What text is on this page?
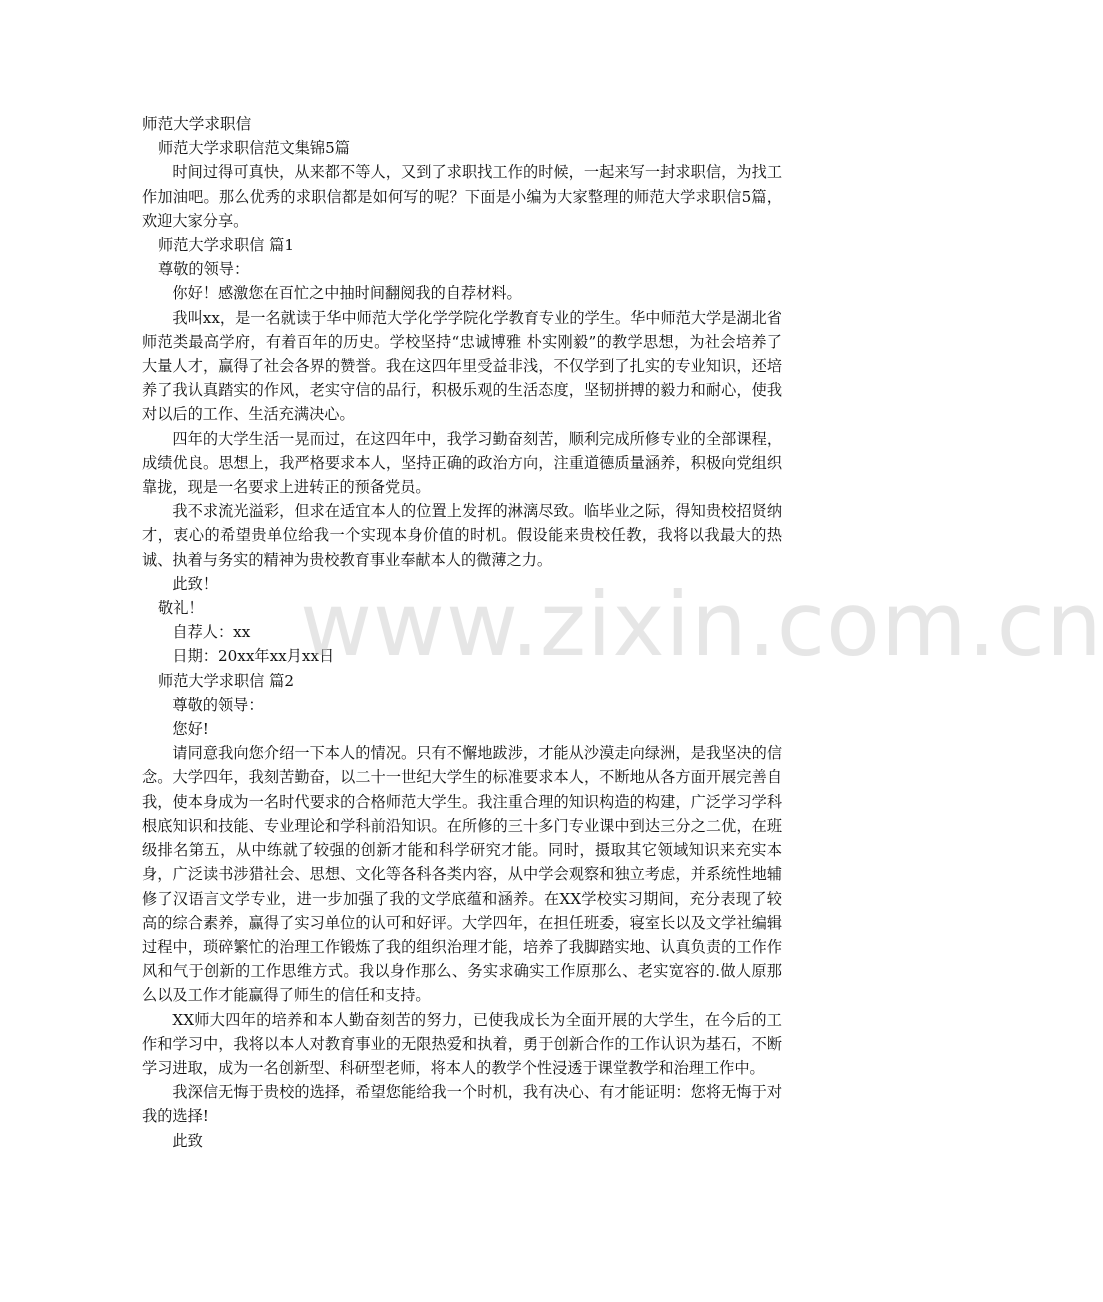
师范大学求职信

师范大学求职信范文集锦5篇

时间过得可真快，从来都不等人，又到了求职找工作的时候，一起来写一封求职信，为找工作加油吧。那么优秀的求职信都是如何写的呢？下面是小编为大家整理的师范大学求职信5篇，欢迎大家分享。

师范大学求职信 篇1

尊敬的领导：

你好！感激您在百忙之中抽时间翻阅我的自荐材料。

我叫xx，是一名就读于华中师范大学化学学院化学教育专业的学生。华中师范大学是湖北省师范类最高学府，有着百年的历史。学校坚持“忠诚博雅 朴实刚毅”的教学思想，为社会培养了大量人才，赢得了社会各界的赞誉。我在这四年里受益非浅，不仅学到了扎实的专业知识，还培养了我认真踏实的作风，老实守信的品行，积极乐观的生活态度，坚韧拼搏的毅力和耐心，使我对以后的工作、生活充满决心。

四年的大学生活一晃而过，在这四年中，我学习勤奋刻苦，顺利完成所修专业的全部课程，成绩优良。思想上，我严格要求本人，坚持正确的政治方向，注重道德质量涵养，积极向党组织靠拢，现是一名要求上进转正的预备党员。

我不求流光溢彩，但求在适宜本人的位置上发挥的淋漓尽致。临毕业之际，得知贵校招贤纳才，衷心的希望贵单位给我一个实现本身价值的时机。假设能来贵校任教，我将以我最大的热诚、执着与务实的精神为贵校教育事业奉献本人的微薄之力。

此致！

敬礼！

自荐人：xx

日期：20xx年xx月xx日

师范大学求职信 篇2

尊敬的领导：

您好!

请同意我向您介绍一下本人的情况。只有不懈地跋涉，才能从沙漠走向绿洲，是我坚决的信念。大学四年，我刻苦勤奋，以二十一世纪大学生的标准要求本人，不断地从各方面开展完善自我，使本身成为一名时代要求的合格师范大学生。我注重合理的知识构造的构建，广泛学习学科根底知识和技能、专业理论和学科前沿知识。在所修的三十多门专业课中到达三分之二优，在班级排名第五，从中练就了较强的创新才能和科学研究才能。同时，摄取其它领域知识来充实本身，广泛读书涉猎社会、思想、文化等各科各类内容，从中学会观察和独立考虑，并系统性地辅修了汉语言文学专业，进一步加强了我的文学底蕴和涵养。在XX学校实习期间，充分表现了较高的综合素养，赢得了实习单位的认可和好评。大学四年，在担任班委，寝室长以及文学社编辑过程中，琐碎繁忙的治理工作锻炼了我的组织治理才能，培养了我脚踏实地、认真负责的工作作风和气于创新的工作思维方式。我以身作那么、务实求确实工作原那么、老实宽容的.做人原那么以及工作才能赢得了师生的信任和支持。

XX师大四年的培养和本人勤奋刻苦的努力，已使我成长为全面开展的大学生，在今后的工作和学习中，我将以本人对教育事业的无限热爱和执着，勇于创新合作的工作认识为基石，不断学习进取，成为一名创新型、科研型老师，将本人的教学个性浸透于课堂教学和治理工作中。

我深信无悔于贵校的选择，希望您能给我一个时机，我有决心、有才能证明：您将无悔于对我的选择!

此致

www.zixin.com.cn
